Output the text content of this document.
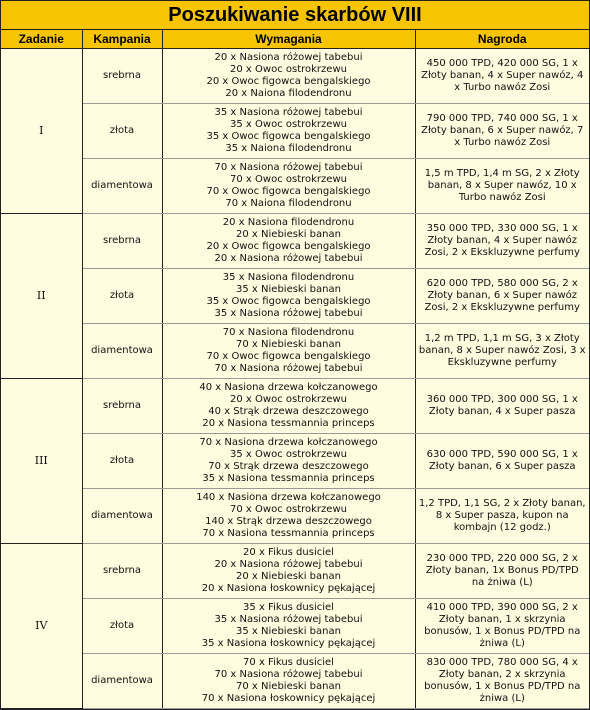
Poszukiwanie skarbów VIII
Zadanie	Kampania	Wymagania	Nagroda
I	srebrna	20 x Nasiona różowej tabebui
20 x Owoc ostrokrzewu
20 x Owoc figowca bengalskiego
20 x Naiona filodendronu	450 000 TPD, 420 000 SG, 1 x Złoty banan, 4 x Super nawóz, 4 x Turbo nawóz Zosi
	złota	35 x Nasiona różowej tabebui
35 x Owoc ostrokrzewu
35 x Owoc figowca bengalskiego
35 x Naiona filodendronu	790 000 TPD, 740 000 SG, 1 x Złoty banan, 6 x Super nawóz, 7 x Turbo nawóz Zosi
	diamentowa	70 x Nasiona różowej tabebui
70 x Owoc ostrokrzewu
70 x Owoc figowca bengalskiego
70 x Naiona filodendronu	1,5 m TPD, 1,4 m SG, 2 x Złoty banan, 8 x Super nawóz, 10 x Turbo nawóz Zosi
II	srebrna	20 x Nasiona filodendronu
20 x Niebieski banan
20 x Owoc figowca bengalskiego
20 x Nasiona różowej tabebui	350 000 TPD, 330 000 SG, 1 x Złoty banan, 4 x Super nawóz Zosi, 2 x Ekskluzywne perfumy
	złota	35 x Nasiona filodendronu
35 x Niebieski banan
35 x Owoc figowca bengalskiego
35 x Nasiona różowej tabebui	620 000 TPD, 580 000 SG, 2 x Złoty banan, 6 x Super nawóz Zosi, 2 x Ekskluzywne perfumy
	diamentowa	70 x Nasiona filodendronu
70 x Niebieski banan
70 x Owoc figowca bengalskiego
70 x Nasiona różowej tabebui	1,2 m TPD, 1,1 m SG, 3 x Złoty banan, 8 x Super nawóz Zosi, 3 x Ekskluzywne perfumy
III	srebrna	40 x Nasiona drzewa kołczanowego
20 x Owoc ostrokrzewu
40 x Strąk drzewa deszczowego
20 x Nasiona tessmannia princeps	360 000 TPD, 300 000 SG, 1 x Złoty banan, 4 x Super pasza
	złota	70 x Nasiona drzewa kołczanowego
35 x Owoc ostrokrzewu
70 x Strąk drzewa deszczowego
35 x Nasiona tessmannia princeps	630 000 TPD, 590 000 SG, 1 x Złoty banan, 6 x Super pasza
	diamentowa	140 x Nasiona drzewa kołczanowego
70 x Owoc ostrokrzewu
140 x Strąk drzewa deszczowego
70 x Nasiona tessmannia princeps	1,2 TPD, 1,1 SG, 2 x Złoty banan, 8 x Super pasza, kupon na kombajn (12 godz.)
IV	srebrna	20 x Fikus dusiciel
20 x Nasiona różowej tabebui
20 x Niebieski banan
20 x Nasiona łoskownicy pękającej	230 000 TPD, 220 000 SG, 2 x Złoty banan, 1x Bonus PD/TPD na żniwa (L)
	złota	35 x Fikus dusiciel
35 x Nasiona różowej tabebui
35 x Niebieski banan
35 x Nasiona łoskownicy pękającej	410 000 TPD, 390 000 SG, 2 x Złoty banan, 1 x skrzynia bonusów, 1 x Bonus PD/TPD na żniwa (L)
	diamentowa	70 x Fikus dusiciel
70 x Nasiona różowej tabebui
70 x Niebieski banan
70 x Nasiona łoskownicy pękającej	830 000 TPD, 780 000 SG, 4 x Złoty banan, 2 x skrzynia bonusów, 1 x Bonus PD/TPD na żniwa (L)
